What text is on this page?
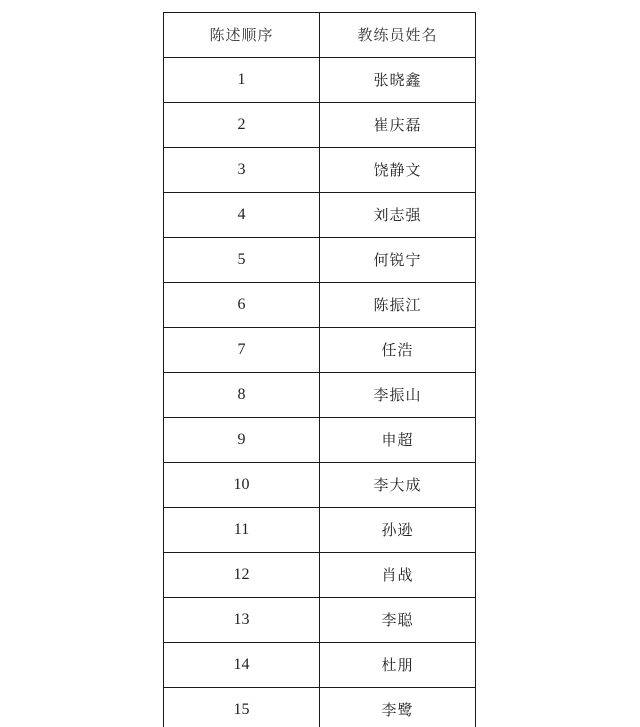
陈述顺序	教练员姓名
1	张晓鑫
2	崔庆磊
3	饶静文
4	刘志强
5	何锐宁
6	陈振江
7	任浩
8	李振山
9	申超
10	李大成
11	孙逊
12	肖战
13	李聪
14	杜朋
15	李鹭
